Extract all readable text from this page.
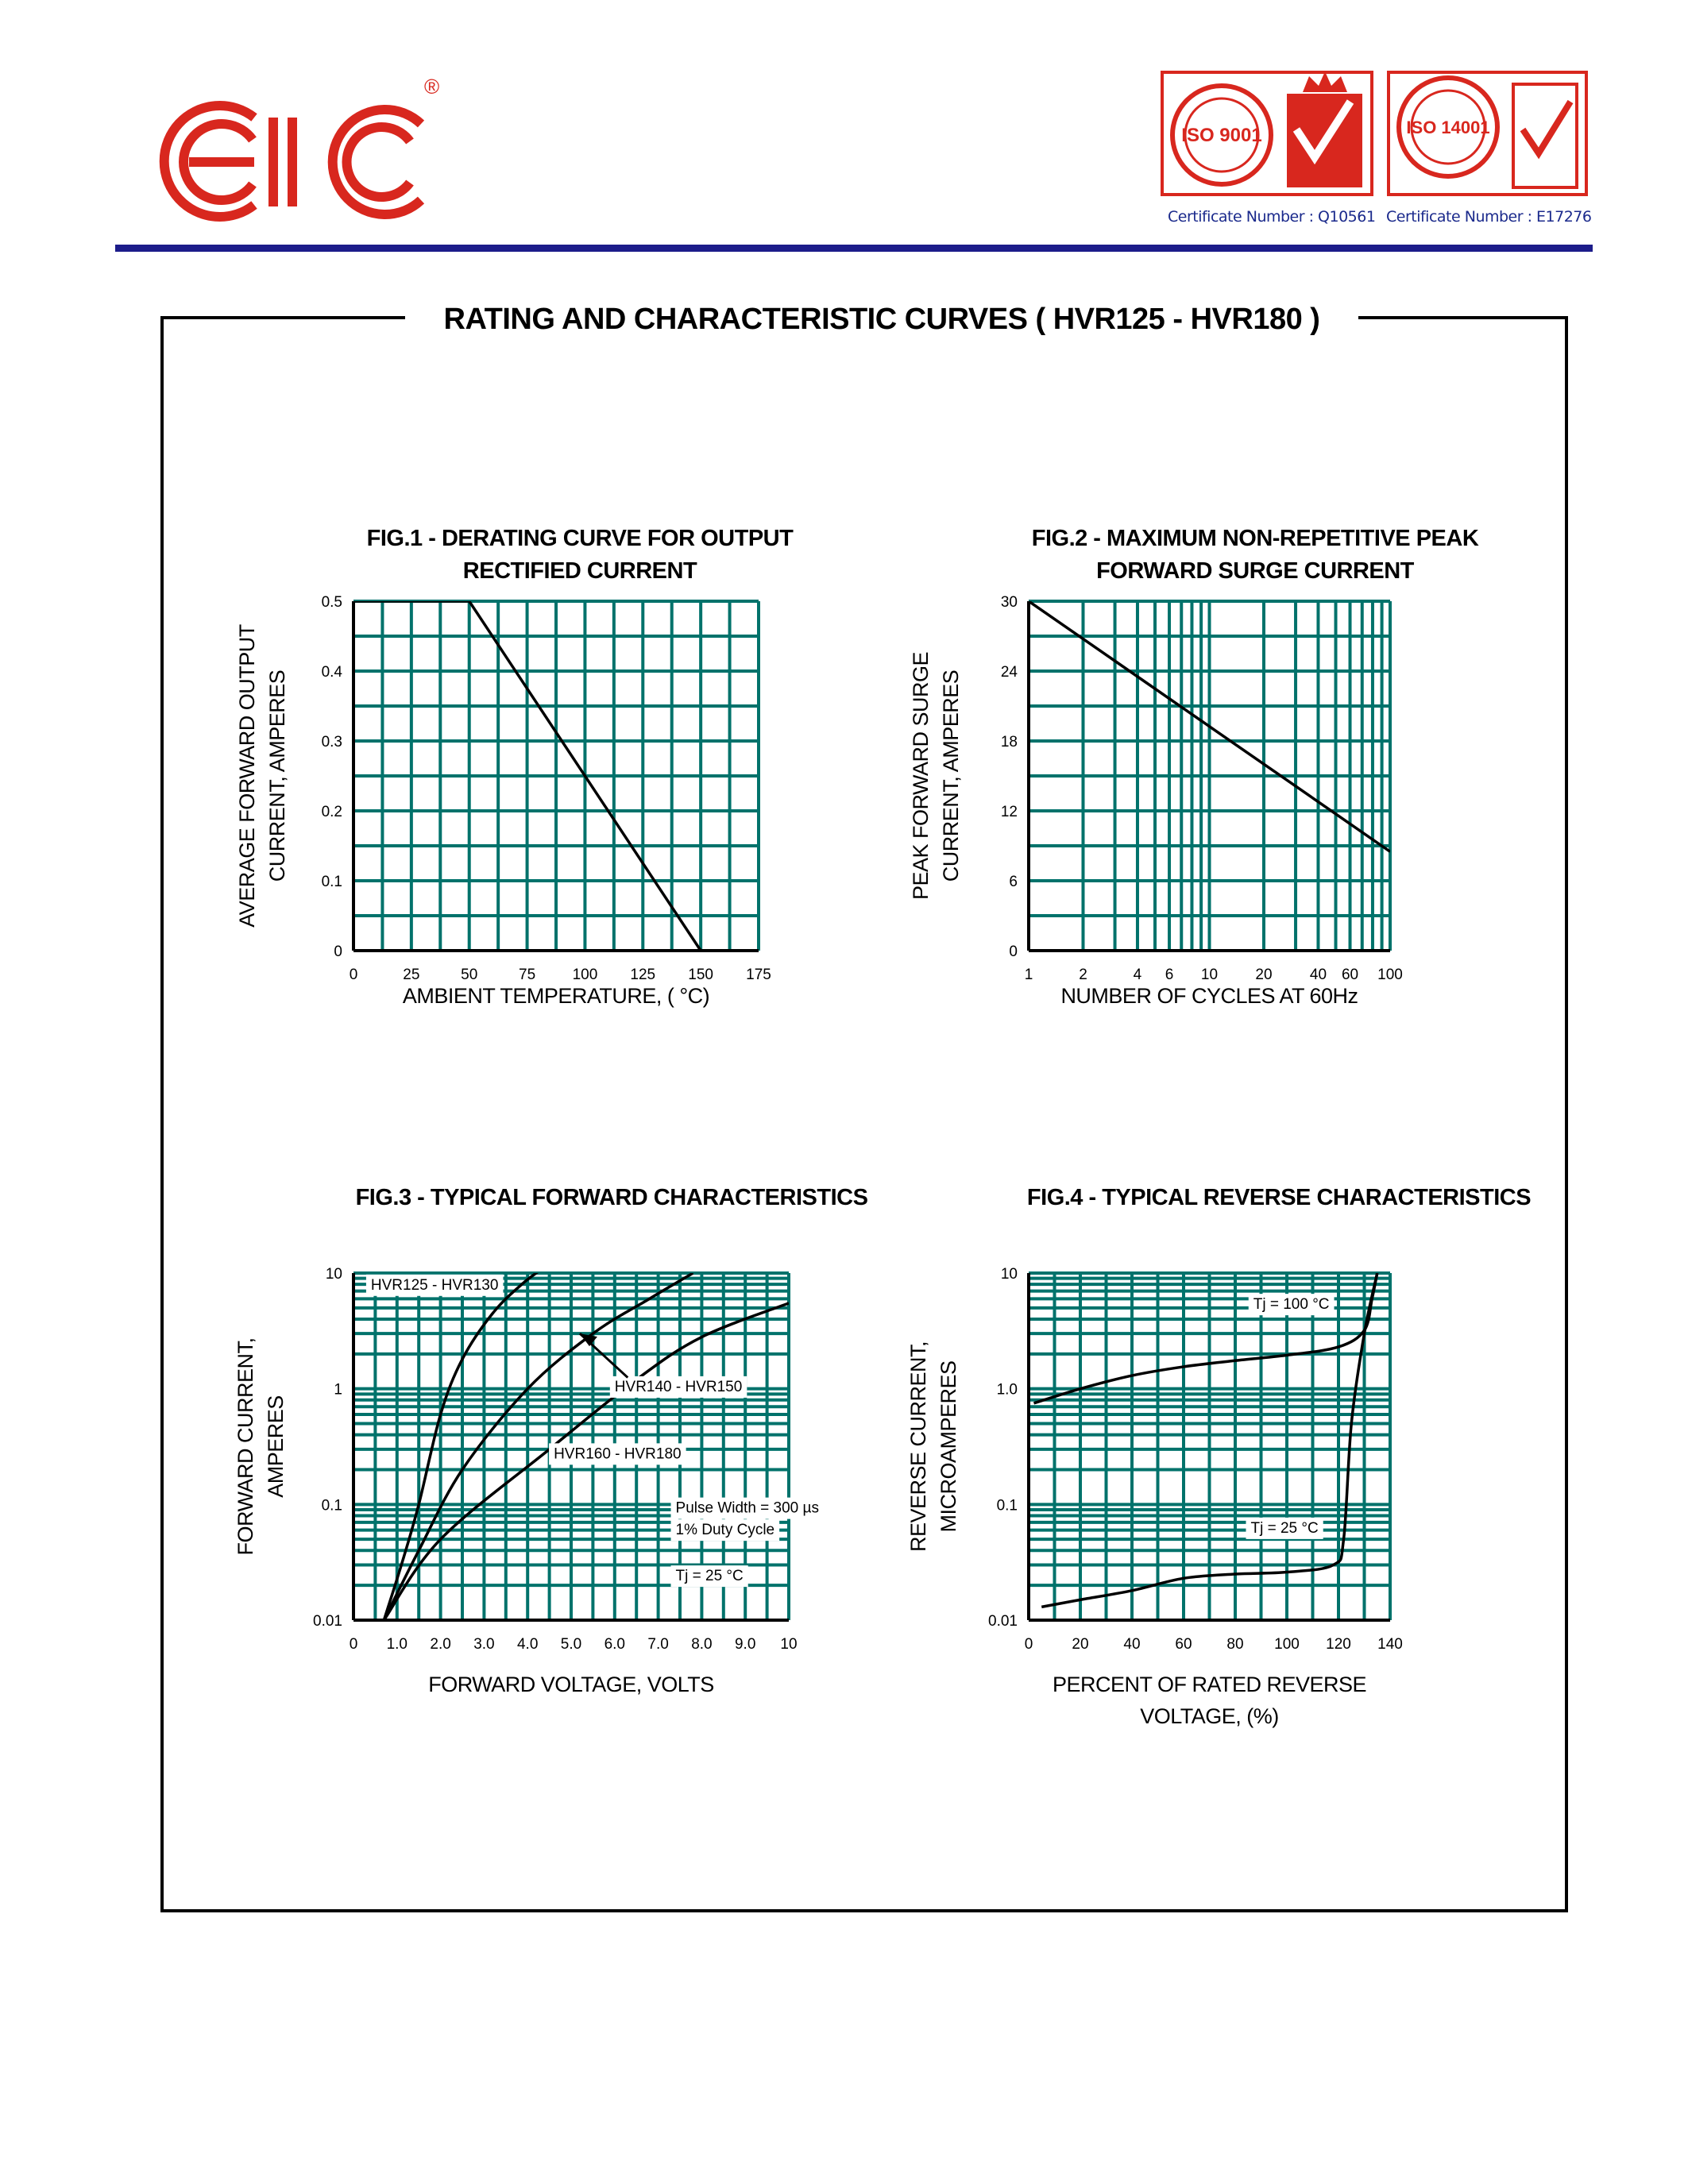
®
ISO 9001	ISO 14001
Certificate Number : Q10561 Certificate Number : E17276
RATING AND CHARACTERISTIC CURVES ( HVR125 - HVR180 )
FIG.1 - DERATING CURVE FOR OUTPUT
RECTIFIED CURRENT
FIG.2 - MAXIMUM NON-REPETITIVE PEAK
FORWARD SURGE CURRENT
FIG.3 - TYPICAL FORWARD CHARACTERISTICS	FIG.4 - TYPICAL REVERSE CHARACTERISTICS
0	25	50	75 100 125 150 175
0
0.1
0.2
0.3
0.4
0.5
AVERAGE FORWARD OUTPUT CURRENT, AMPERES
AMBIENT TEMPERATURE, ( °C)
1	2	4 6 10 20 40 60 100
0
6
12
18
24
30
PEAK FORWARD SURGE CURRENT, AMPERES
NUMBER OF CYCLES AT 60Hz
0 1.0 2.0 3.0 4.0 5.0 6.0 7.0 8.0 9.0 10
0.01
0.1
1
10
FORWARD CURRENT, AMPERES
FORWARD VOLTAGE, VOLTS
HVR125 - HVR130
HVR140 - HVR150
HVR160 - HVR180
Pulse Width = 300 µs
1% Duty Cycle
Tj = 25 °C
0	20 40 60 80 100 120 140
0.01
0.1
1.0
10
REVERSE CURRENT, MICROAMPERES
PERCENT OF RATED REVERSE
VOLTAGE, (%)
Tj = 100 °C
Tj = 25 °C
